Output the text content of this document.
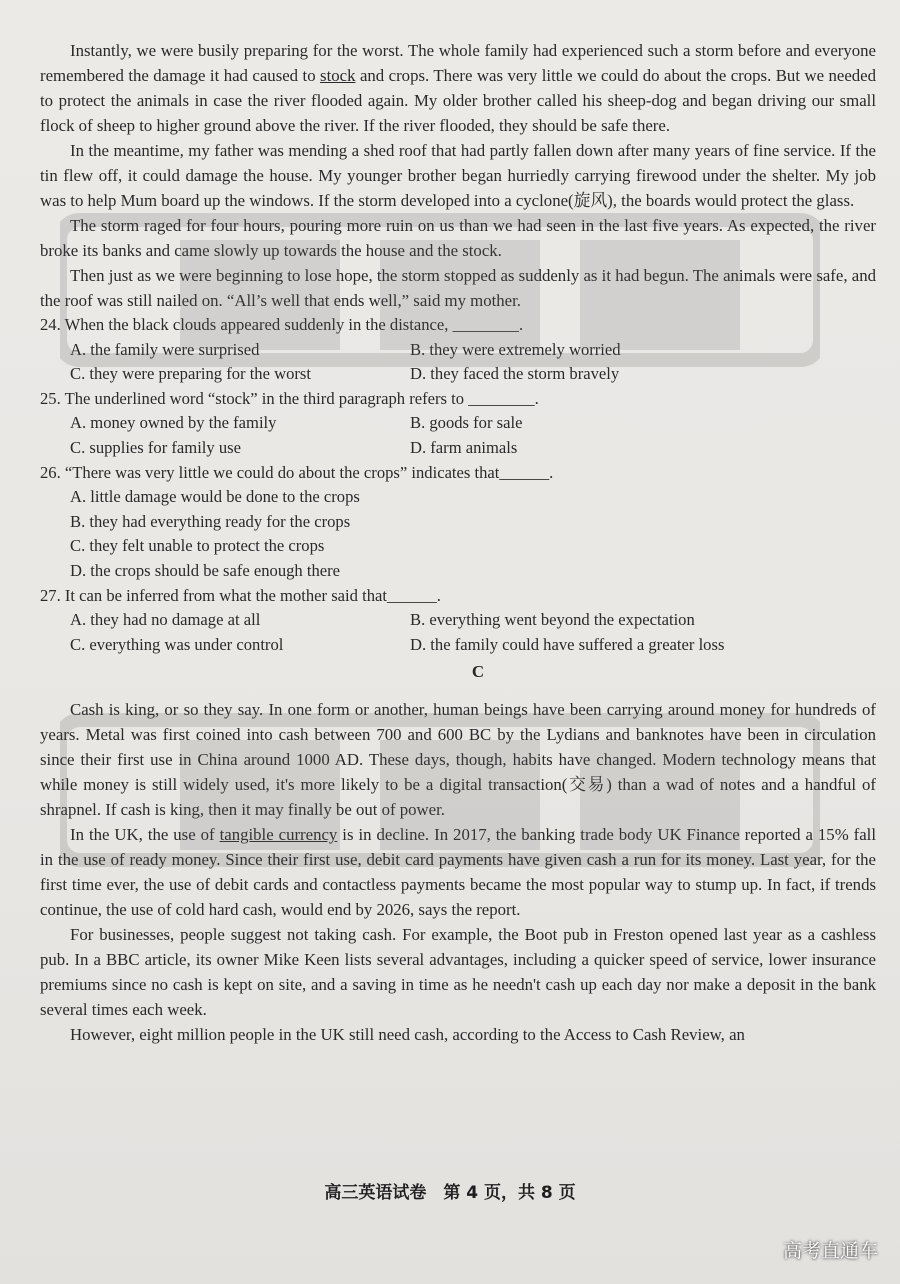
Instantly, we were busily preparing for the worst. The whole family had experienced such a storm before and everyone remembered the damage it had caused to stock and crops. There was very little we could do about the crops. But we needed to protect the animals in case the river flooded again. My older brother called his sheep-dog and began driving our small flock of sheep to higher ground above the river. If the river flooded, they should be safe there.

In the meantime, my father was mending a shed roof that had partly fallen down after many years of fine service. If the tin flew off, it could damage the house. My younger brother began hurriedly carrying firewood under the shelter. My job was to help Mum board up the windows. If the storm developed into a cyclone(旋风), the boards would protect the glass.

The storm raged for four hours, pouring more ruin on us than we had seen in the last five years. As expected, the river broke its banks and came slowly up towards the house and the stock.

Then just as we were beginning to lose hope, the storm stopped as suddenly as it had begun. The animals were safe, and the roof was still nailed on. “All’s well that ends well,” said my mother.

24. When the black clouds appeared suddenly in the distance, ________.

A. the family were surprised	B. they were extremely worried
C. they were preparing for the worst	D. they faced the storm bravely

25. The underlined word “stock” in the third paragraph refers to ________.

A. money owned by the family	B. goods for sale
C. supplies for family use	D. farm animals

26. “There was very little we could do about the crops” indicates that______.

A. little damage would be done to the crops
B. they had everything ready for the crops
C. they felt unable to protect the crops
D. the crops should be safe enough there

27. It can be inferred from what the mother said that______.

A. they had no damage at all	B. everything went beyond the expectation
C. everything was under control	D. the family could have suffered a greater loss
C

Cash is king, or so they say. In one form or another, human beings have been carrying around money for hundreds of years. Metal was first coined into cash between 700 and 600 BC by the Lydians and banknotes have been in circulation since their first use in China around 1000 AD. These days, though, habits have changed. Modern technology means that while money is still widely used, it's more likely to be a digital transaction(交易) than a wad of notes and a handful of shrapnel. If cash is king, then it may finally be out of power.

In the UK, the use of tangible currency is in decline. In 2017, the banking trade body UK Finance reported a 15% fall in the use of ready money. Since their first use, debit card payments have given cash a run for its money. Last year, for the first time ever, the use of debit cards and contactless payments became the most popular way to stump up. In fact, if trends continue, the use of cold hard cash, would end by 2026, says the report.

For businesses, people suggest not taking cash. For example, the Boot pub in Freston opened last year as a cashless pub. In a BBC article, its owner Mike Keen lists several advantages, including a quicker speed of service, lower insurance premiums since no cash is kept on site, and a saving in time as he needn't cash up each day nor make a deposit in the bank several times each week.

However, eight million people in the UK still need cash, according to the Access to Cash Review, an

高三英语试卷　第 4 页，共 8 页
高考直通车
